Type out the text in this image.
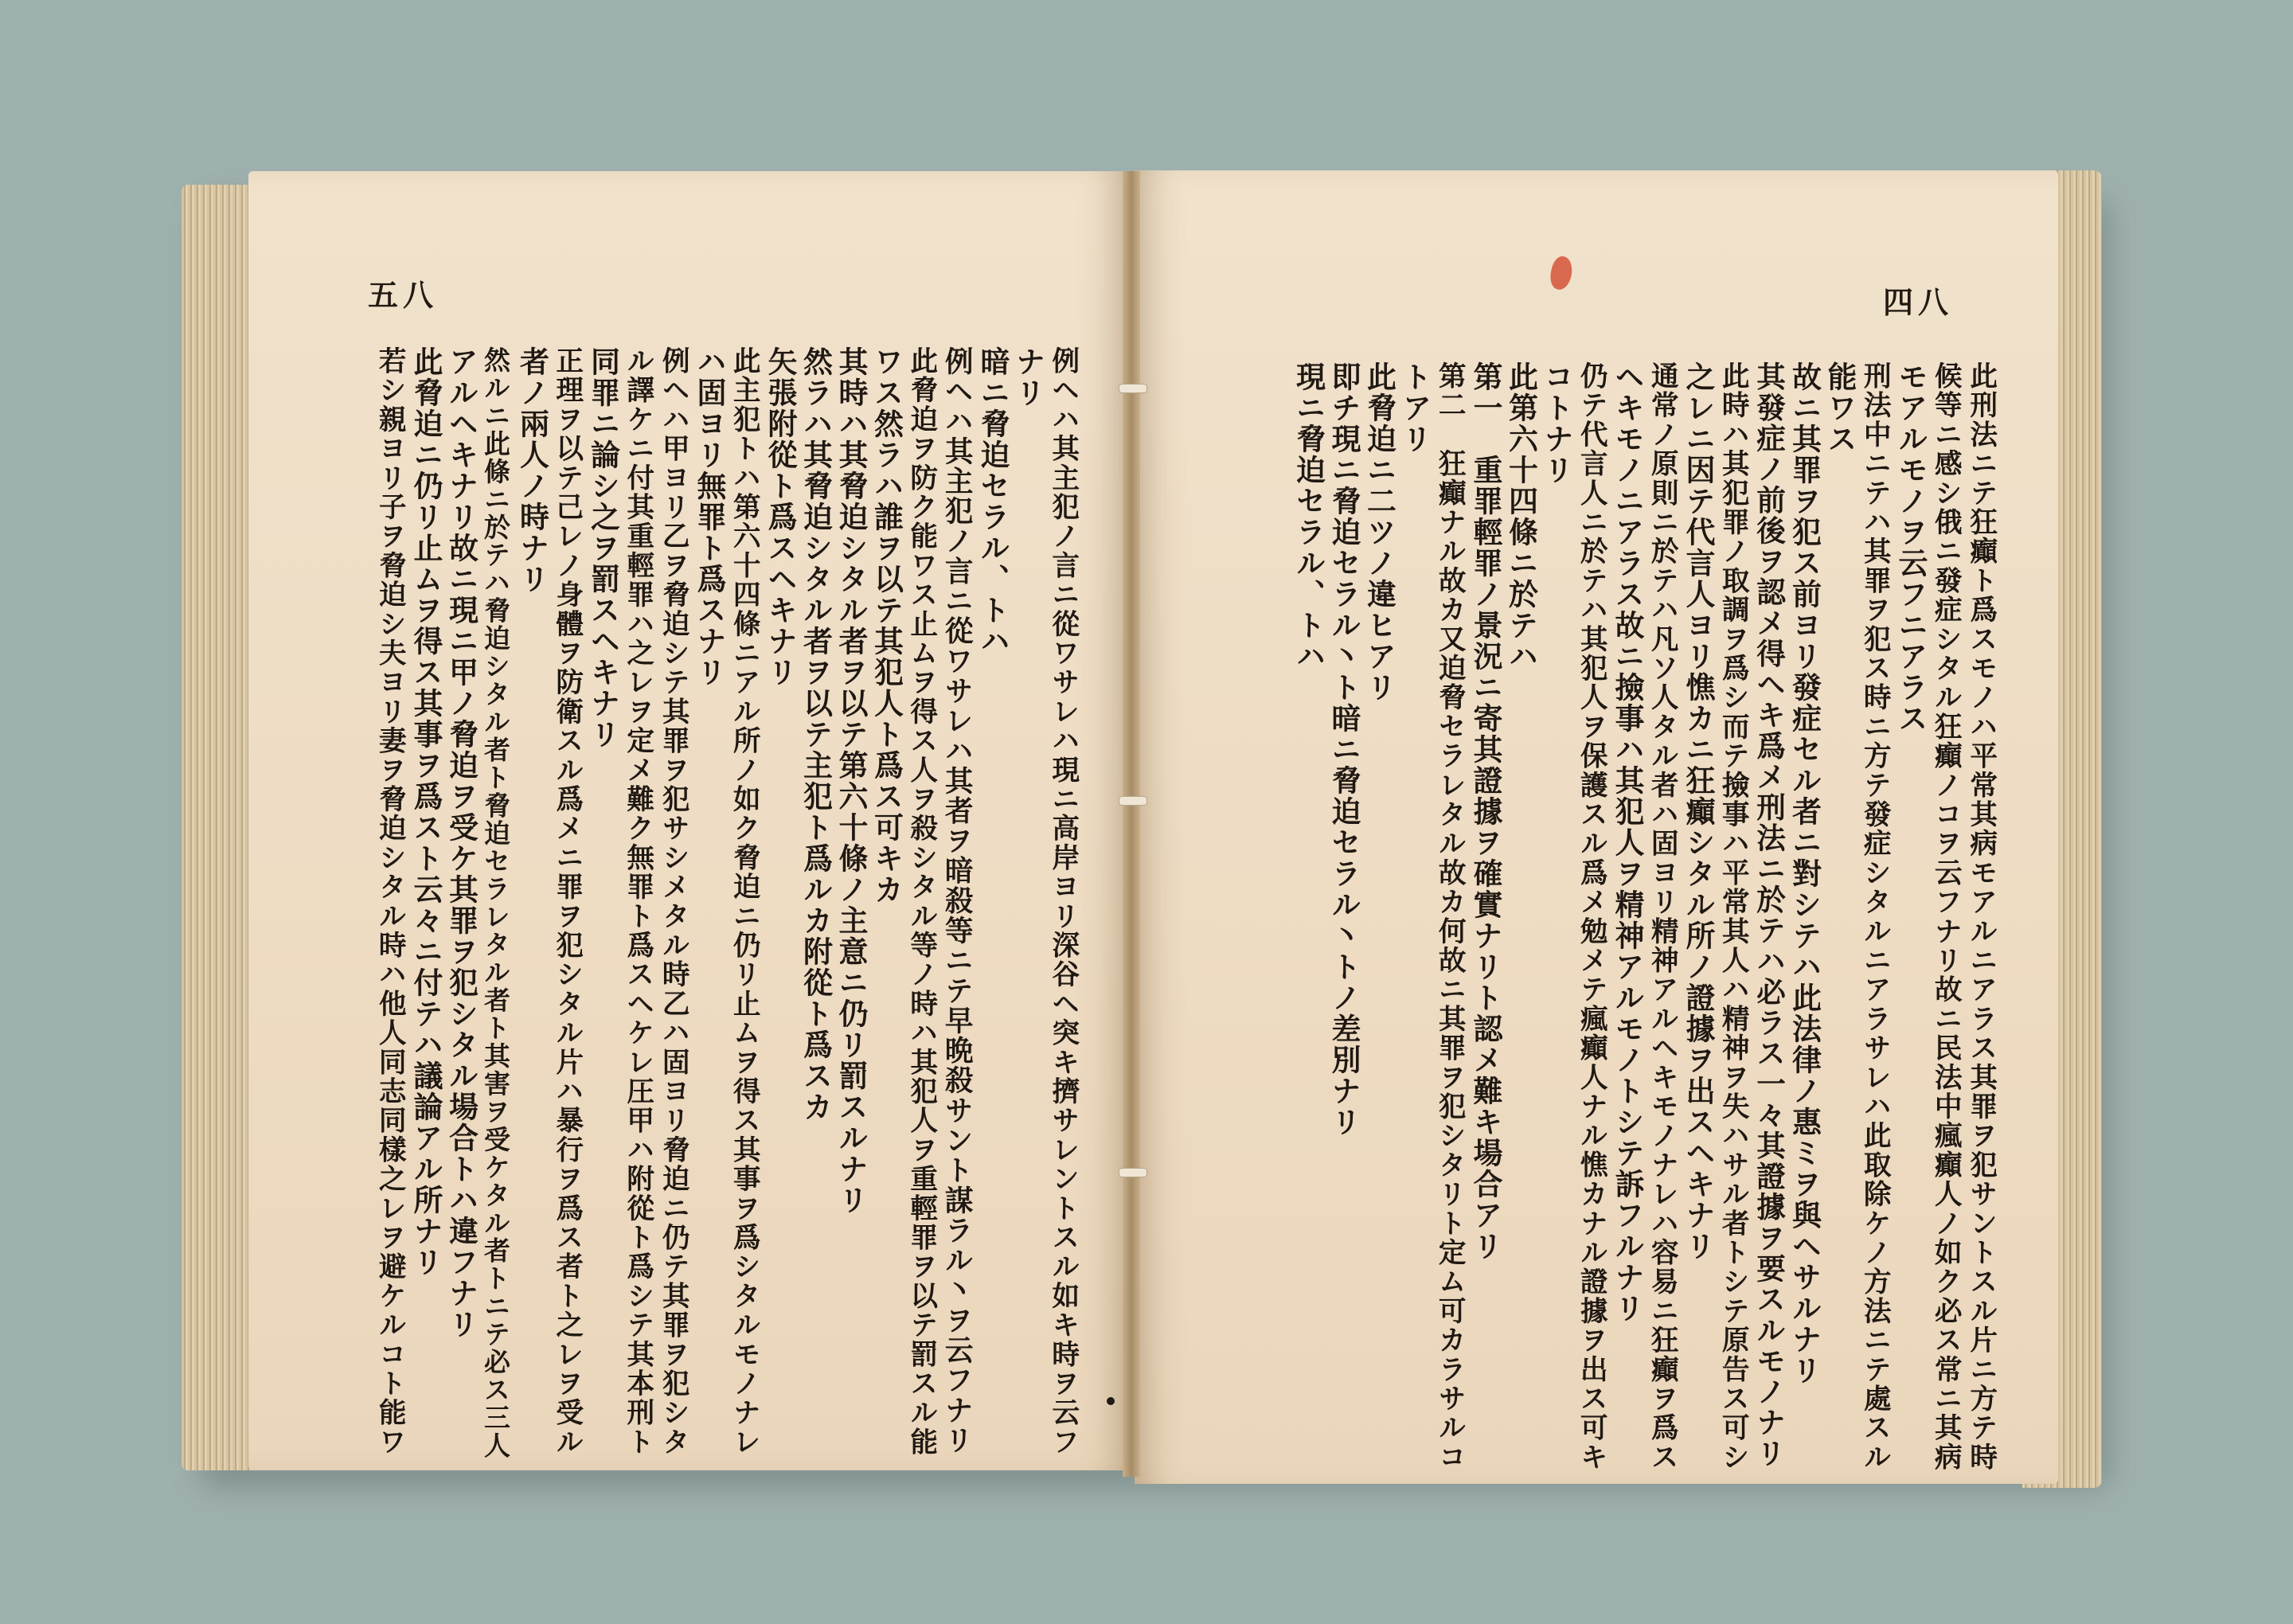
五八
例ヘハ其主犯ノ言ニ從ワサレハ現ニ高岸ヨリ深谷ヘ突キ擠サレントスル如キ時ヲ云フ
ナリ
暗ニ脅迫セラル、トハ
例ヘハ其主犯ノ言ニ從ワサレハ其者ヲ暗殺等ニテ早晩殺サント謀ラル丶ヲ云フナリ
此脅迫ヲ防ク能ワス止ムヲ得ス人ヲ殺シタル等ノ時ハ其犯人ヲ重輕罪ヲ以テ罰スル能
ワス然ラハ誰ヲ以テ其犯人ト爲ス可キカ
其時ハ其脅迫シタル者ヲ以テ第六十條ノ主意ニ仍リ罰スルナリ
然ラハ其脅迫シタル者ヲ以テ主犯ト爲ルカ附從ト爲スカ
矢張附從ト爲スヘキナリ
此主犯トハ第六十四條ニアル所ノ如ク脅迫ニ仍リ止ムヲ得ス其事ヲ爲シタルモノナレ
ハ固ヨリ無罪ト爲スナリ
例ヘハ甲ヨリ乙ヲ脅迫シテ其罪ヲ犯サシメタル時乙ハ固ヨリ脅迫ニ仍テ其罪ヲ犯シタ
ル譯ケニ付其重輕罪ハ之レヲ定メ難ク無罪ト爲スヘケレ圧甲ハ附從ト爲シテ其本刑ト
同罪ニ論シ之ヲ罰スヘキナリ
正理ヲ以テ己レノ身體ヲ防衛スル爲メニ罪ヲ犯シタル片ハ暴行ヲ爲ス者ト之レヲ受ル
者ノ兩人ノ時ナリ
然ルニ此條ニ於テハ脅迫シタル者ト脅迫セラレタル者ト其害ヲ受ケタル者トニテ必ス三人
アルヘキナリ故ニ現ニ甲ノ脅迫ヲ受ケ其罪ヲ犯シタル場合トハ違フナリ
此脅迫ニ仍リ止ムヲ得ス其事ヲ爲スト云々ニ付テハ議論アル所ナリ
若シ親ヨリ子ヲ脅迫シ夫ヨリ妻ヲ脅迫シタル時ハ他人同志同樣之レヲ避ケルコト能ワ
四八
此刑法ニテ狂癲ト爲スモノハ平常其病モアルニアラス其罪ヲ犯サントスル片ニ方テ時
候等ニ感シ俄ニ發症シタル狂癲ノコヲ云フナリ故ニ民法中瘋癲人ノ如ク必ス常ニ其病
モアルモノヲ云フニアラス
刑法中ニテハ其罪ヲ犯ス時ニ方テ發症シタルニアラサレハ此取除ケノ方法ニテ處スル
能ワス
故ニ其罪ヲ犯ス前ヨリ發症セル者ニ對シテハ此法律ノ惠ミヲ與ヘサルナリ
其發症ノ前後ヲ認メ得ヘキ爲メ刑法ニ於テハ必ラス一々其證據ヲ要スルモノナリ
此時ハ其犯罪ノ取調ヲ爲シ而テ撿事ハ平常其人ハ精神ヲ失ハサル者トシテ原告ス可シ
之レニ因テ代言人ヨリ憔カニ狂癲シタル所ノ證據ヲ出スヘキナリ
通常ノ原則ニ於テハ凡ソ人タル者ハ固ヨリ精神アルヘキモノナレハ容易ニ狂癲ヲ爲ス
ヘキモノニアラス故ニ撿事ハ其犯人ヲ精神アルモノトシテ訴フルナリ
仍テ代言人ニ於テハ其犯人ヲ保護スル爲メ勉メテ瘋癲人ナル憔カナル證據ヲ出ス可キ
コトナリ
此第六十四條ニ於テハ
第一　重罪輕罪ノ景況ニ寄其證據ヲ確實ナリト認メ難キ場合アリ
第二　狂癲ナル故カ又迫脅セラレタル故カ何故ニ其罪ヲ犯シタリト定ム可カラサルコ
トアリ
此脅迫ニ二ツノ違ヒアリ
即チ現ニ脅迫セラル丶ト暗ニ脅迫セラル丶トノ差別ナリ
現ニ脅迫セラル、トハ
